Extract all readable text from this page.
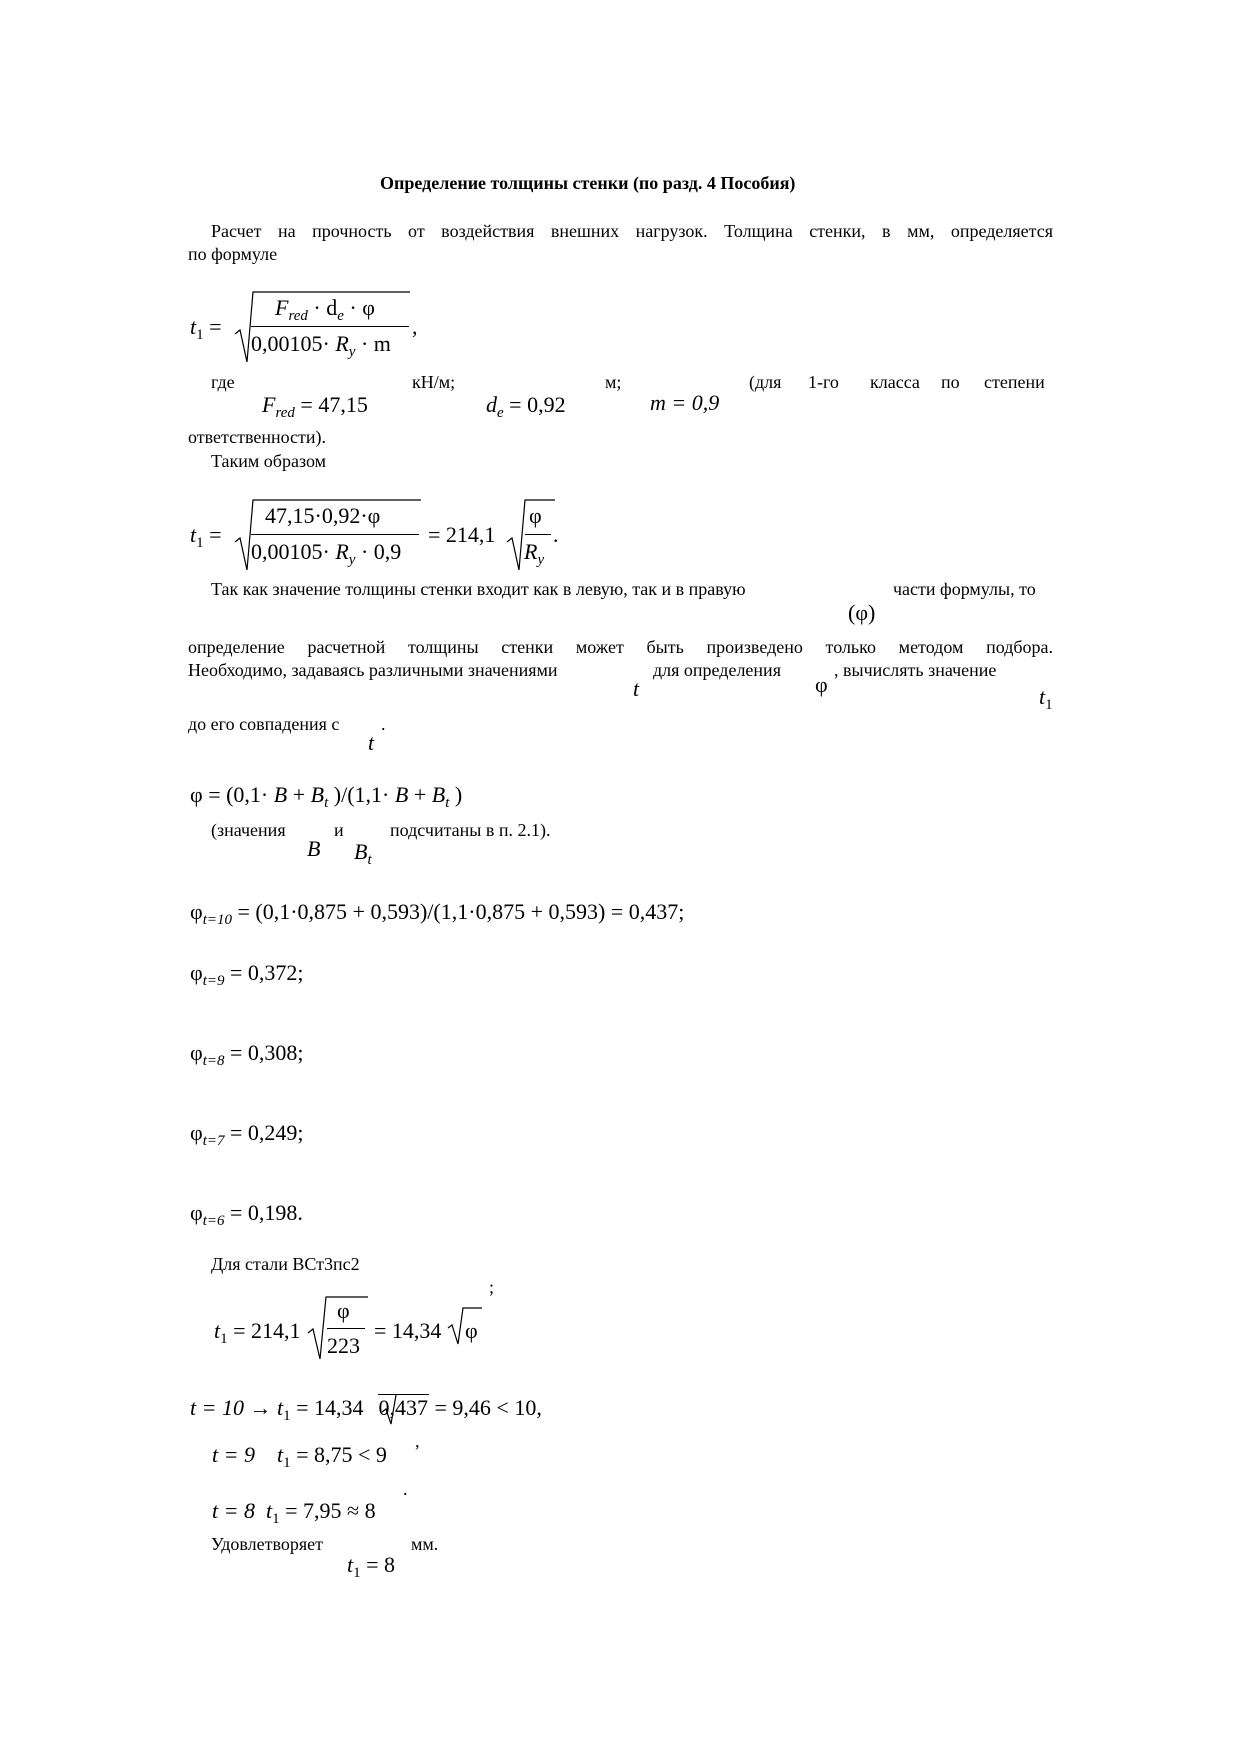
Определение толщины стенки (по разд. 4 Пособия)
Расчет на прочность от воздействия внешних нагрузок. Толщина стенки, в мм, определяется
по формуле
$t_1$ =
$F_{red} \cdot d_e \cdot \varphi$
$0,00105\cdot R_y \cdot m$
,
где
$F_{red} = 47,15$
кН/м;
$d_e = 0,92$
м;
m = 0,9
(для 1-го класса по степени
ответственности).
Таким образом
$t_1$ =
47,15·0,92·φ
$0,00105\cdot R_y \cdot 0,9$
= 214,1
φ
$R_y$
.
Так как значение толщины стенки входит как в левую, так и в правую	части формулы, то
(φ)
определение расчетной толщины стенки может быть произведено только методом подбора.
Необходимо, задаваясь различными значениями
t
для определения
φ
, вычислять значение
$t_1$
до его совпадения с
t
.
$\varphi = (0,1\cdot B + B_t$ )$/(1,1\cdot B + B_t$ )
(значения
B
и
$B_t$
подсчитаны в п. 2.1).
$\varphi_{t=10} = (0,1\cdot 0,875 + 0,593)/(1,1\cdot 0,875 + 0,593) = 0,437$;
$\varphi_{t=9} = 0,372$;
$\varphi_{t=8} = 0,308$;
$\varphi_{t=7} = 0,249$;
$\varphi_{t=6} = 0,198$.
Для стали ВСт3пс2
;
$t_1 = 214,1$
φ
223
= 14,34 φ
$t = 10 \to t_1 = 14,34$ 0,437 = 9,46 < 10,
,
t = 9 $t_1 = 8,75 < 9$
.
t = 8 $t_1 = 7,95 \approx 8$
Удовлетворяет
$t_1 = 8$
мм.
